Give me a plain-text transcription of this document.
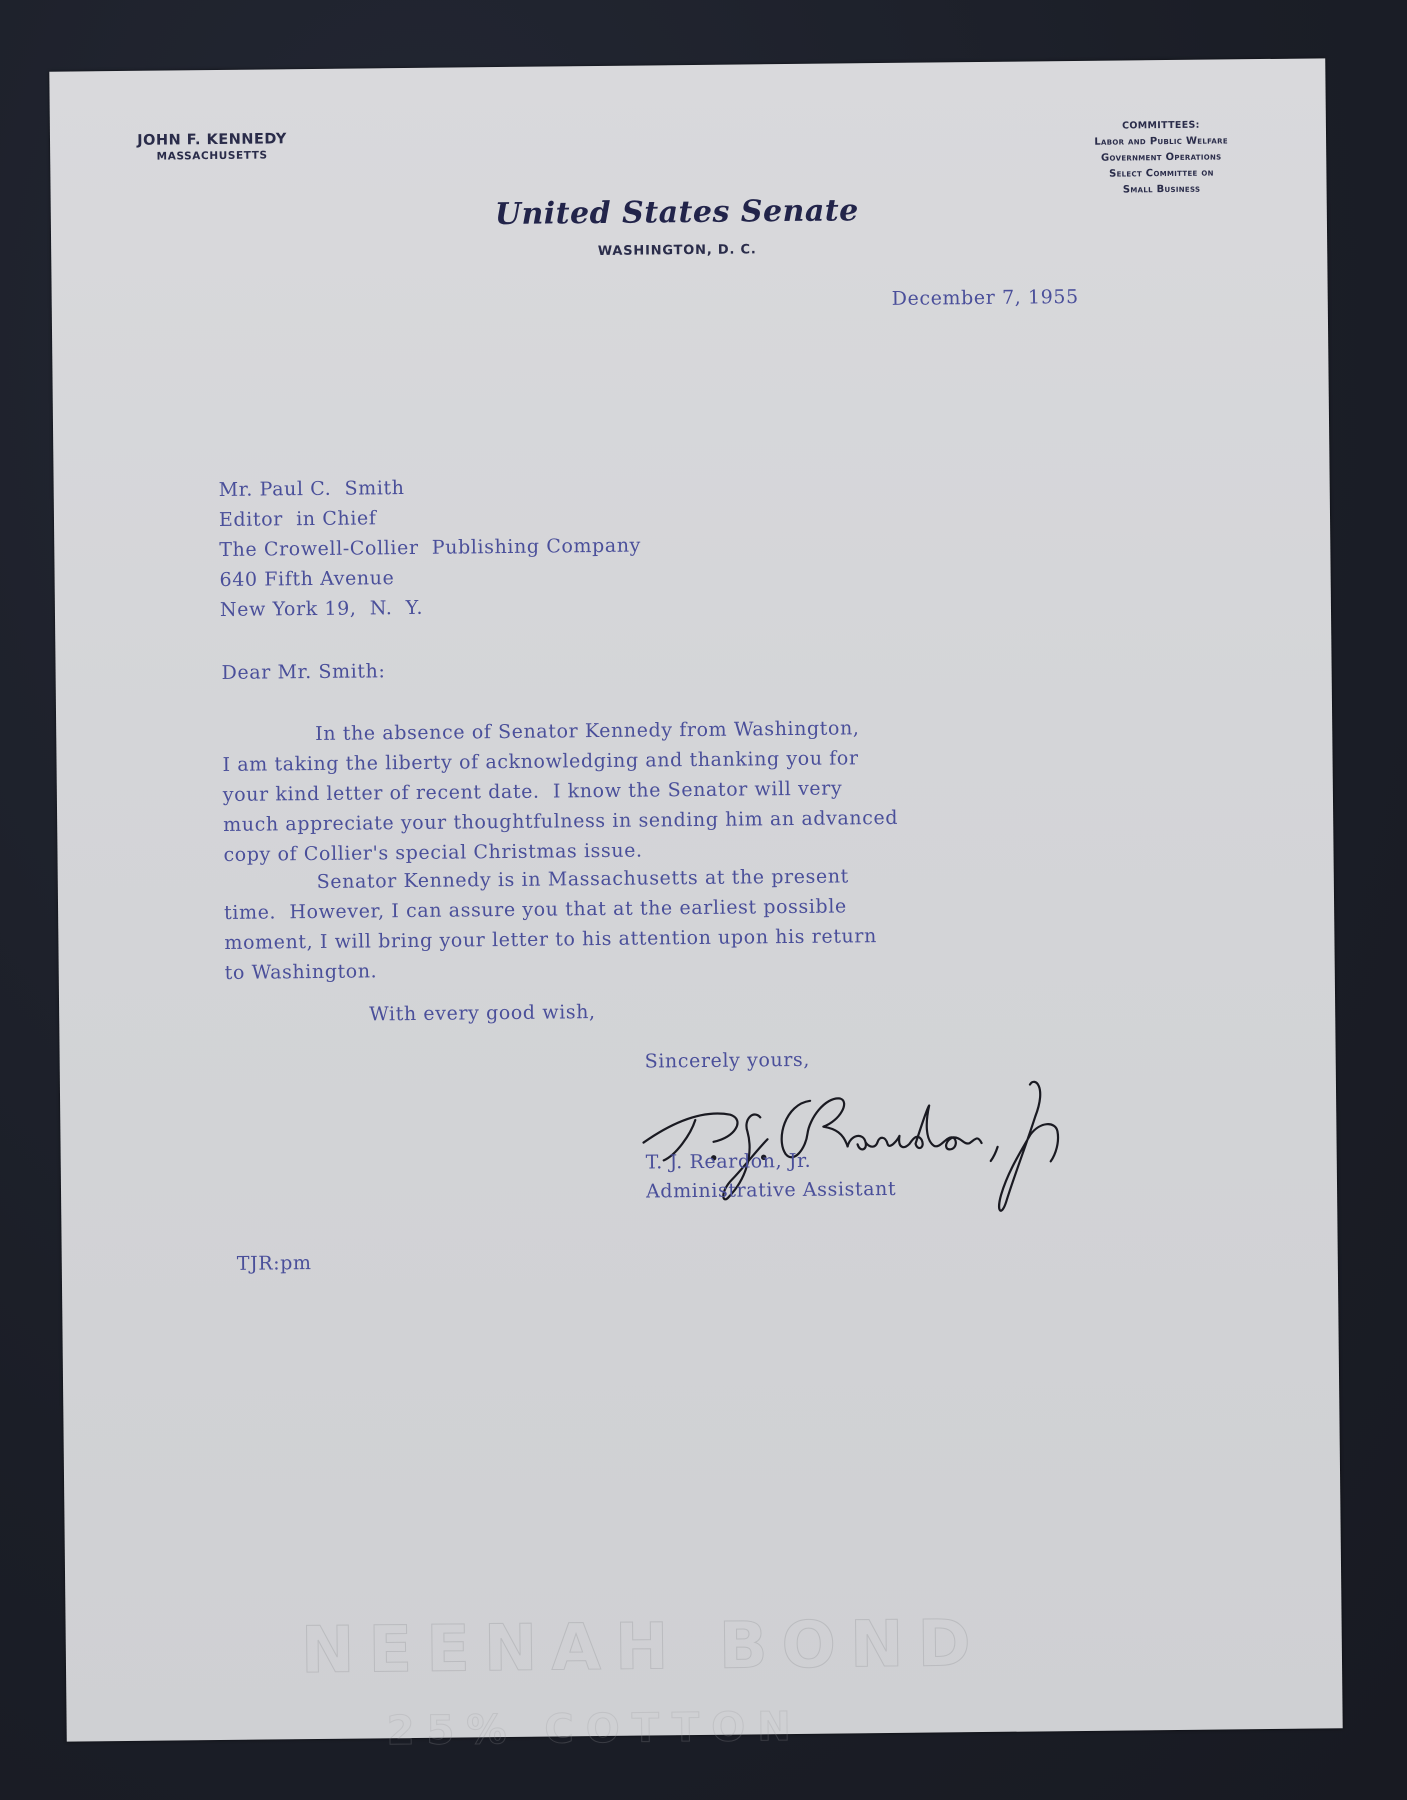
JOHN F. KENNEDY
MASSACHUSETTS
COMMITTEES:
Labor and Public Welfare
Government Operations
Select Committee on
Small Business
United States Senate
WASHINGTON, D. C.
December 7, 1955
Mr. Paul C.  Smith
Editor  in Chief
The Crowell-Collier  Publishing Company
640 Fifth Avenue
New York 19,  N.  Y.
Dear Mr. Smith:
In the absence of Senator Kennedy from Washington,
I am taking the liberty of acknowledging and thanking you for
your kind letter of recent date.  I know the Senator will very
much appreciate your thoughtfulness in sending him an advanced
copy of Collier's special Christmas issue.
Senator Kennedy is in Massachusetts at the present
time.  However, I can assure you that at the earliest possible
moment, I will bring your letter to his attention upon his return
to Washington.
With every good wish,
Sincerely yours,
T. J. Reardon, Jr.
Administrative Assistant
TJR:pm
NEENAH BOND
25% COTTON
